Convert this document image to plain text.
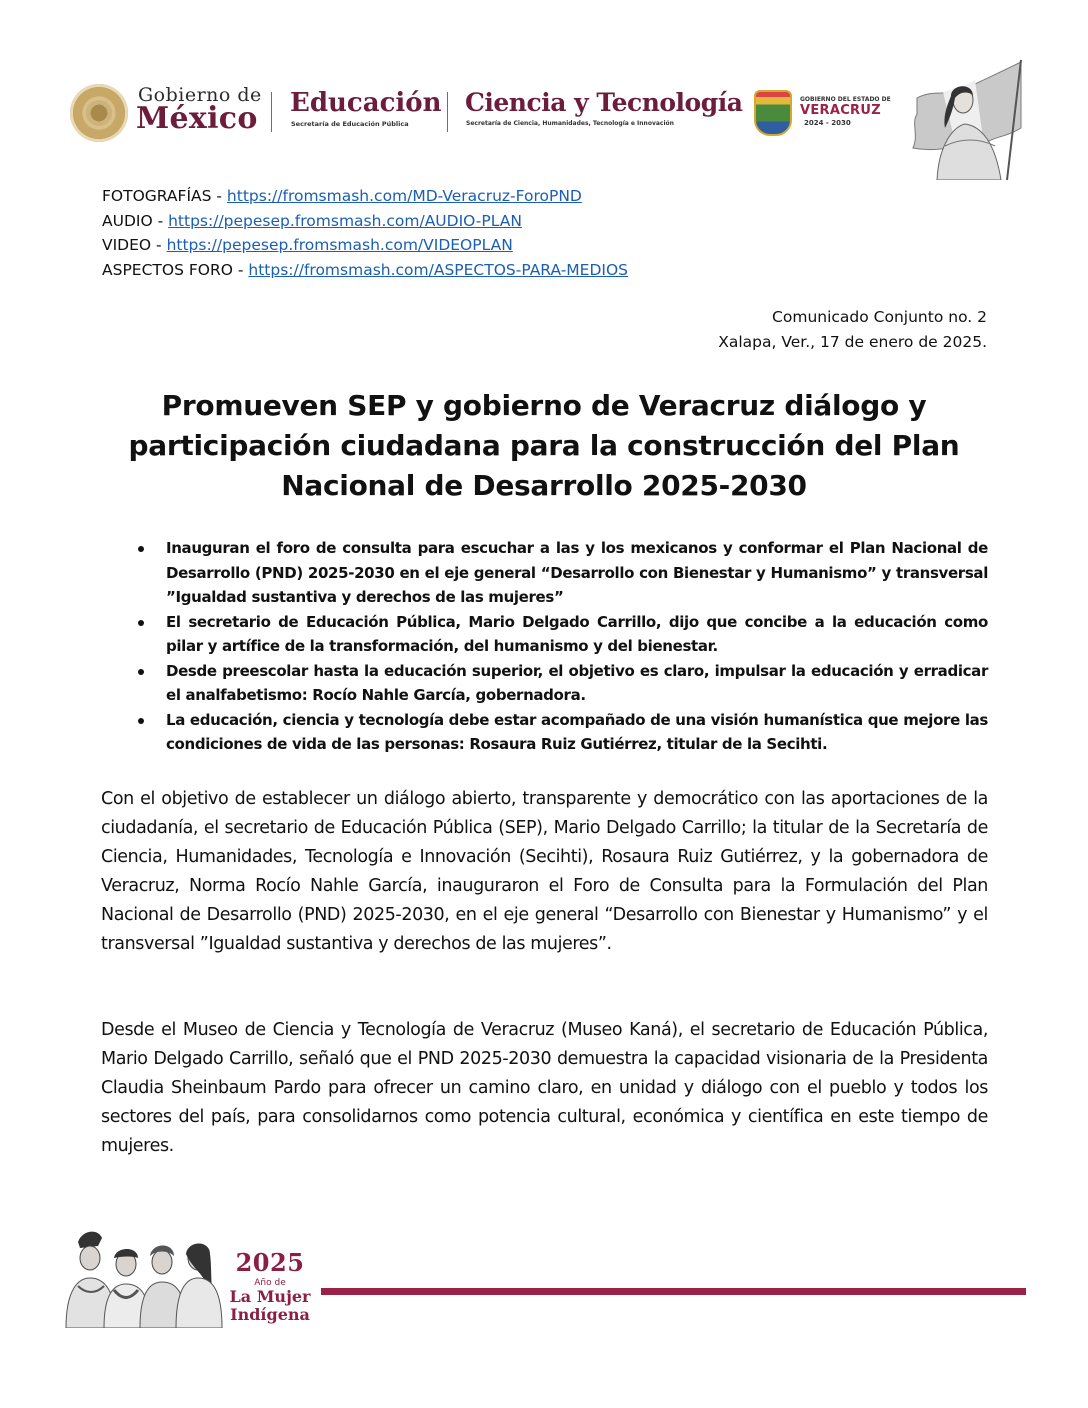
Gobierno de
México Educación
Secretaría de Educación Pública
Ciencia y Tecnología
Secretaría de Ciencia, Humanidades, Tecnología e Innovación
GOBIERNO DEL ESTADO DE
VERACRUZ
2024 - 2030
FOTOGRAFÍAS - https://fromsmash.com/MD-Veracruz-ForoPND
AUDIO - https://pepesep.fromsmash.com/AUDIO-PLAN
VIDEO - https://pepesep.fromsmash.com/VIDEOPLAN
ASPECTOS FORO - https://fromsmash.com/ASPECTOS-PARA-MEDIOS
Comunicado Conjunto no. 2
Xalapa, Ver., 17 de enero de 2025.
Promueven SEP y gobierno de Veracruz diálogo y participación ciudadana para la construcción del Plan Nacional de Desarrollo 2025-2030
Inauguran el foro de consulta para escuchar a las y los mexicanos y conformar el Plan Nacional de Desarrollo (PND) 2025-2030 en el eje general “Desarrollo con Bienestar y Humanismo” y transversal ”Igualdad sustantiva y derechos de las mujeres”
El secretario de Educación Pública, Mario Delgado Carrillo, dijo que concibe a la educación como pilar y artífice de la transformación, del humanismo y del bienestar.
Desde preescolar hasta la educación superior, el objetivo es claro, impulsar la educación y erradicar el analfabetismo: Rocío Nahle García, gobernadora.
La educación, ciencia y tecnología debe estar acompañado de una visión humanística que mejore las condiciones de vida de las personas: Rosaura Ruiz Gutiérrez, titular de la Secihti.

Con el objetivo de establecer un diálogo abierto, transparente y democrático con las aportaciones de la ciudadanía, el secretario de Educación Pública (SEP), Mario Delgado Carrillo; la titular de la Secretaría de Ciencia, Humanidades, Tecnología e Innovación (Secihti), Rosaura Ruiz Gutiérrez, y la gobernadora de Veracruz, Norma Rocío Nahle García, inauguraron el Foro de Consulta para la Formulación del Plan Nacional de Desarrollo (PND) 2025-2030, en el eje general “Desarrollo con Bienestar y Humanismo” y el transversal ”Igualdad sustantiva y derechos de las mujeres”.

Desde el Museo de Ciencia y Tecnología de Veracruz (Museo Kaná), el secretario de Educación Pública, Mario Delgado Carrillo, señaló que el PND 2025-2030 demuestra la capacidad visionaria de la Presidenta Claudia Sheinbaum Pardo para ofrecer un camino claro, en unidad y diálogo con el pueblo y todos los sectores del país, para consolidarnos como potencia cultural, económica y científica en este tiempo de mujeres.

2025
Año de
La Mujer
Indígena
